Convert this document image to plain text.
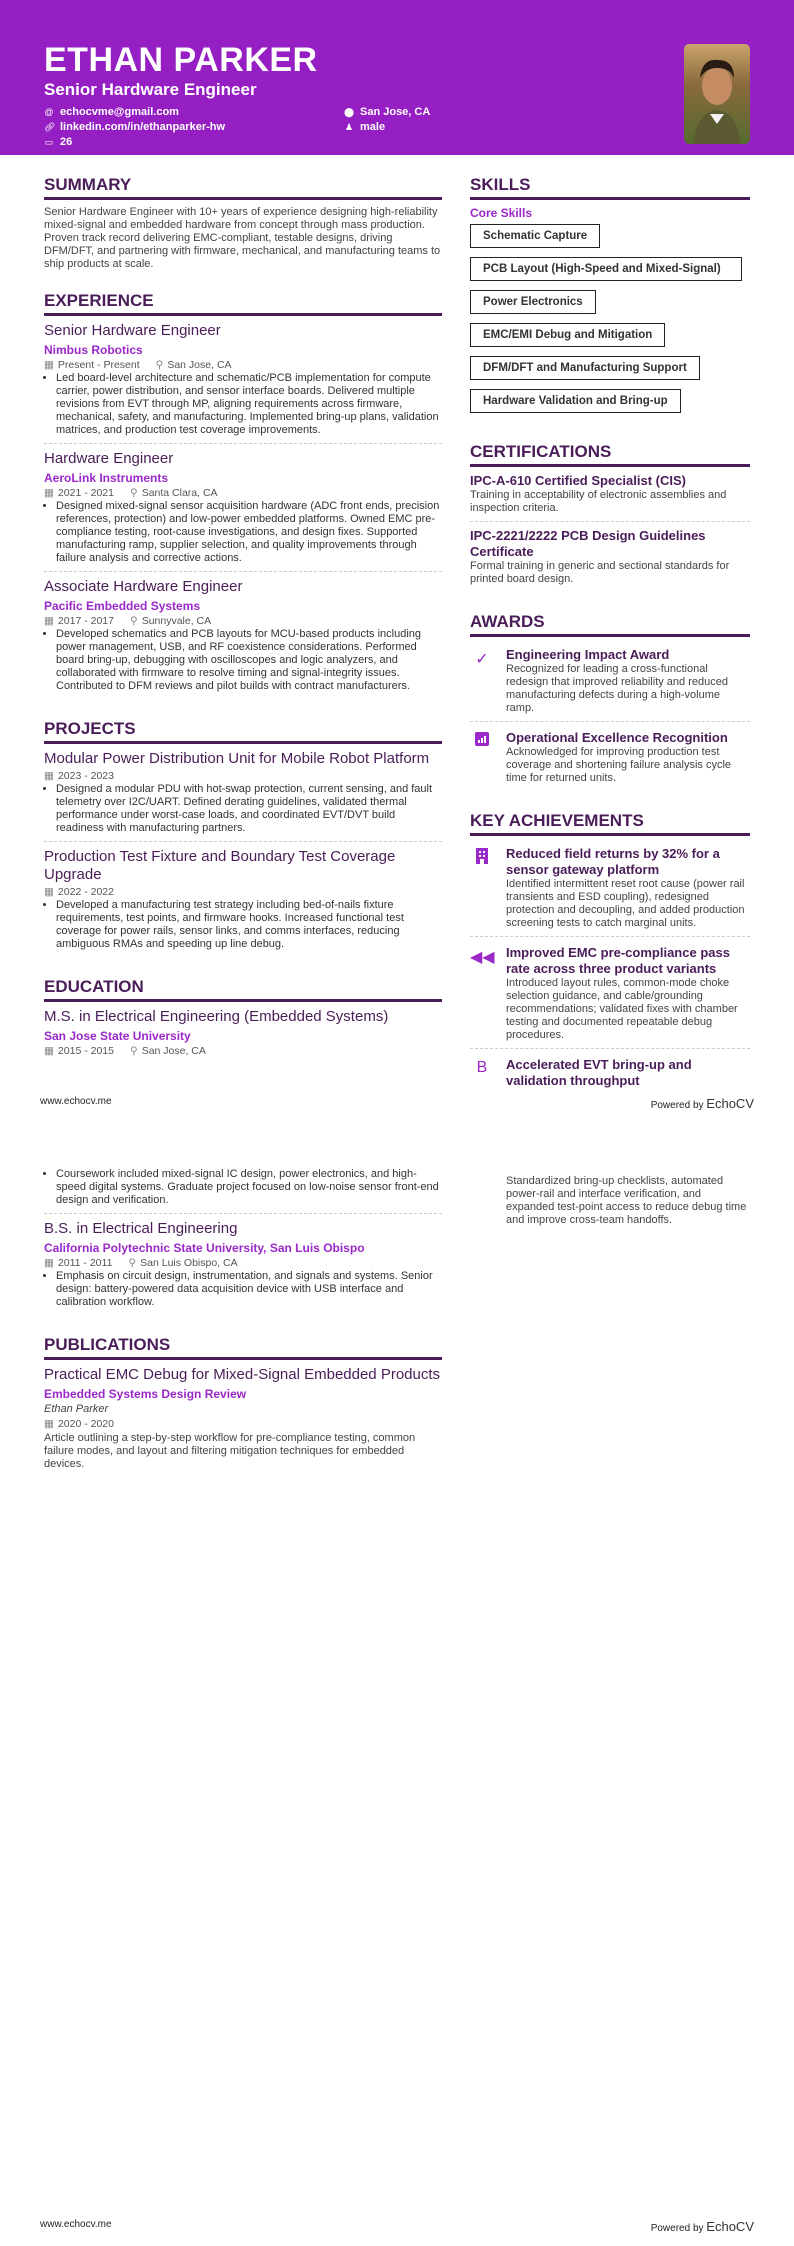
ETHAN PARKER
Senior Hardware Engineer
@ echocvme@gmail.com	⬤ San Jose, CA
🔗︎ linkedin.com/in/ethanparker-hw	♟ male
▭ 26
SUMMARY

Senior Hardware Engineer with 10+ years of experience designing high-reliability mixed-signal and embedded hardware from concept through mass production. Proven track record delivering EMC-compliant, testable designs, driving DFM/DFT, and partnering with firmware, mechanical, and manufacturing teams to ship products at scale.

EXPERIENCE
Senior Hardware Engineer
Nimbus Robotics
▦ Present - Present ⚲ San Jose, CA
• Led board-level architecture and schematic/PCB implementation for compute carrier, power distribution, and sensor interface boards. Delivered multiple revisions from EVT through MP, aligning requirements across firmware, mechanical, safety, and manufacturing. Implemented bring-up plans, validation matrices, and production test coverage improvements.
Hardware Engineer
AeroLink Instruments
▦ 2021 - 2021 ⚲ Santa Clara, CA
• Designed mixed-signal sensor acquisition hardware (ADC front ends, precision references, protection) and low-power embedded platforms. Owned EMC pre-compliance testing, root-cause investigations, and design fixes. Supported manufacturing ramp, supplier selection, and quality improvements through failure analysis and corrective actions.
Associate Hardware Engineer
Pacific Embedded Systems
▦ 2017 - 2017 ⚲ Sunnyvale, CA
• Developed schematics and PCB layouts for MCU-based products including power management, USB, and RF coexistence considerations. Performed board bring-up, debugging with oscilloscopes and logic analyzers, and collaborated with firmware to resolve timing and signal-integrity issues. Contributed to DFM reviews and pilot builds with contract manufacturers.
PROJECTS
Modular Power Distribution Unit for Mobile Robot Platform
▦ 2023 - 2023
• Designed a modular PDU with hot-swap protection, current sensing, and fault telemetry over I2C/UART. Defined derating guidelines, validated thermal performance under worst-case loads, and coordinated EVT/DVT build readiness with manufacturing partners.
Production Test Fixture and Boundary Test Coverage Upgrade
▦ 2022 - 2022
• Developed a manufacturing test strategy including bed-of-nails fixture requirements, test points, and firmware hooks. Increased functional test coverage for power rails, sensor links, and comms interfaces, reducing ambiguous RMAs and speeding up line debug.
EDUCATION
M.S. in Electrical Engineering (Embedded Systems)
San Jose State University
▦ 2015 - 2015 ⚲ San Jose, CA
SKILLS
Core Skills
Schematic Capture
PCB Layout (High-Speed and Mixed-Signal)
Power Electronics
EMC/EMI Debug and Mitigation
DFM/DFT and Manufacturing Support
Hardware Validation and Bring-up
CERTIFICATIONS
IPC-A-610 Certified Specialist (CIS)

Training in acceptability of electronic assemblies and inspection criteria.

IPC-2221/2222 PCB Design Guidelines Certificate

Formal training in generic and sectional standards for printed board design.

AWARDS
✓	Engineering Impact Award

Recognized for leading a cross-functional redesign that improved reliability and reduced manufacturing defects during a high-volume ramp.

Operational Excellence Recognition

Acknowledged for improving production test coverage and shortening failure analysis cycle time for returned units.

KEY ACHIEVEMENTS
Reduced field returns by 32% for a sensor gateway platform

Identified intermittent reset root cause (power rail transients and ESD coupling), redesigned protection and decoupling, and added production screening tests to catch marginal units.

◀◀ Improved EMC pre-compliance pass rate across three product variants

Introduced layout rules, common-mode choke selection guidance, and cable/grounding recommendations; validated fixes with chamber testing and documented repeatable debug procedures.

B	Accelerated EVT bring-up and validation throughput
www.echocv.me	Powered by EchoCV
• Coursework included mixed-signal IC design, power electronics, and high-speed digital systems. Graduate project focused on low-noise sensor front-end design and verification.
B.S. in Electrical Engineering
California Polytechnic State University, San Luis Obispo
▦ 2011 - 2011 ⚲ San Luis Obispo, CA
• Emphasis on circuit design, instrumentation, and signals and systems. Senior design: battery-powered data acquisition device with USB interface and calibration workflow.
PUBLICATIONS
Practical EMC Debug for Mixed-Signal Embedded Products
Embedded Systems Design Review
Ethan Parker
▦ 2020 - 2020

Article outlining a step-by-step workflow for pre-compliance testing, common failure modes, and layout and filtering mitigation techniques for embedded devices.

Standardized bring-up checklists, automated power-rail and interface verification, and expanded test-point access to reduce debug time and improve cross-team handoffs.

www.echocv.me	Powered by EchoCV
